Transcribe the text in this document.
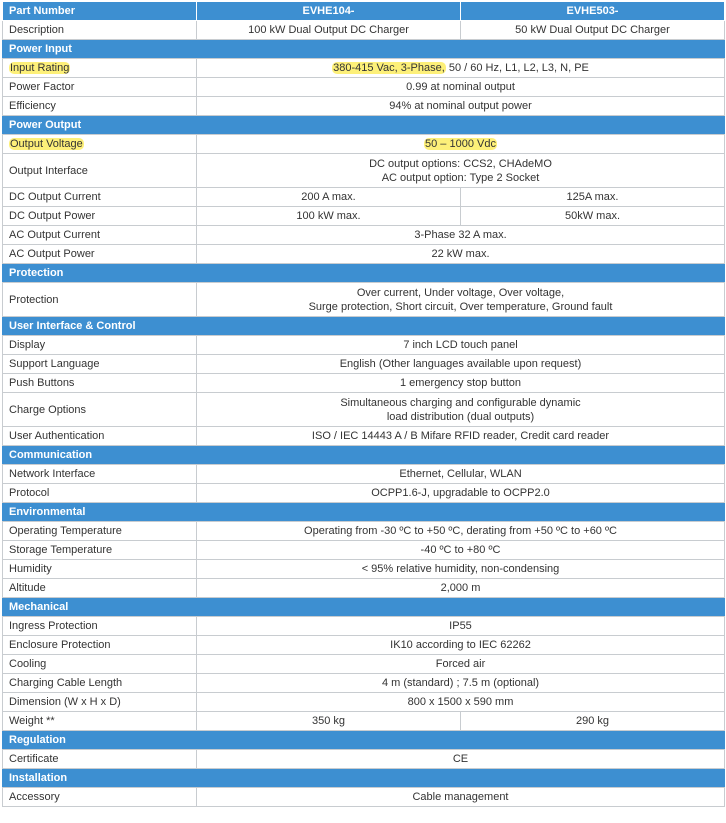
Part Number	EVHE104-	EVHE503-
Description	100 kW Dual Output DC Charger	50 kW Dual Output DC Charger
Power Input		
Input Rating	380-415 Vac, 3-Phase, 50 / 60 Hz, L1, L2, L3, N, PE	
Power Factor	0.99 at nominal output	
Efficiency	94% at nominal output power	
Power Output		
Output Voltage	50 – 1000 Vdc	
Output Interface	DC output options: CCS2, CHAdeMO
AC output option: Type 2 Socket	

DC Output Current	200 A max.	125A max.
DC Output Power	100 kW max.	50kW max.
AC Output Current	3-Phase 32 A max.	
AC Output Power	22 kW max.	
Protection		
Protection	Over current, Under voltage, Over voltage,
Surge protection, Short circuit, Over temperature, Ground fault	

User Interface & Control		
Display	7 inch LCD touch panel	
Support Language	English (Other languages available upon request)	
Push Buttons	1 emergency stop button	
Charge Options	Simultaneous charging and configurable dynamic
load distribution (dual outputs)	

User Authentication	ISO / IEC 14443 A / B Mifare RFID reader, Credit card reader	
Communication		
Network Interface	Ethernet, Cellular, WLAN	
Protocol	OCPP1.6-J, upgradable to OCPP2.0	
Environmental		
Operating Temperature	Operating from -30 ºC to +50 ºC, derating from +50 ºC to +60 ºC	
Storage Temperature	-40 ºC to +80 ºC	
Humidity	< 95% relative humidity, non-condensing	
Altitude	2,000 m	
Mechanical		
Ingress Protection	IP55	
Enclosure Protection	IK10 according to IEC 62262	
Cooling	Forced air	
Charging Cable Length	4 m (standard) ; 7.5 m (optional)	
Dimension (W x H x D)	800 x 1500 x 590 mm	
Weight **	350 kg	290 kg
Regulation		
Certificate	CE	
Installation		
Accessory	Cable management	
